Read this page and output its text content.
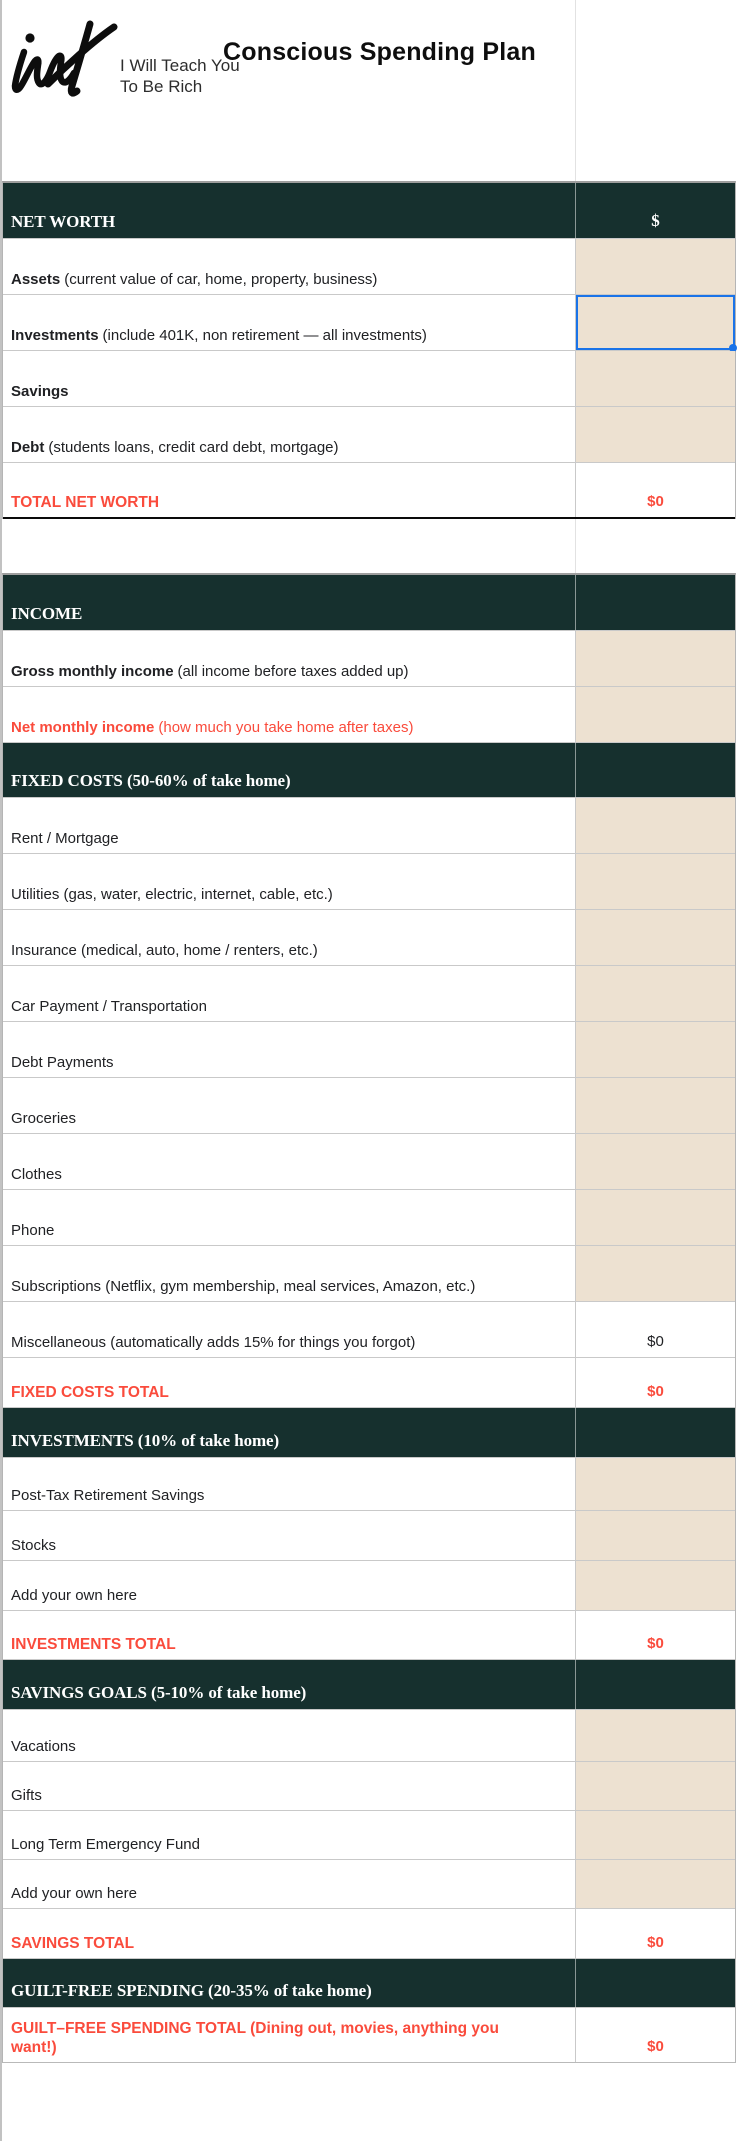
I Will Teach You
To Be Rich
Conscious Spending Plan
NET WORTH	$
Assets (current value of car, home, property, business)
Investments (include 401K, non retirement — all investments)
Savings
Debt (students loans, credit card debt, mortgage)
TOTAL NET WORTH	$0
INCOME
Gross monthly income (all income before taxes added up)
Net monthly income (how much you take home after taxes)
FIXED COSTS (50-60% of take home)
Rent / Mortgage
Utilities (gas, water, electric, internet, cable, etc.)
Insurance (medical, auto, home / renters, etc.)
Car Payment / Transportation
Debt Payments
Groceries
Clothes
Phone
Subscriptions (Netflix, gym membership, meal services, Amazon, etc.)
Miscellaneous (automatically adds 15% for things you forgot)	$0
FIXED COSTS TOTAL	$0
INVESTMENTS (10% of take home)
Post-Tax Retirement Savings
Stocks
Add your own here
INVESTMENTS TOTAL	$0
SAVINGS GOALS (5-10% of take home)
Vacations
Gifts
Long Term Emergency Fund
Add your own here
SAVINGS TOTAL	$0
GUILT-FREE SPENDING (20-35% of take home)
GUILT–FREE SPENDING TOTAL (Dining out, movies, anything you want!)	$0
